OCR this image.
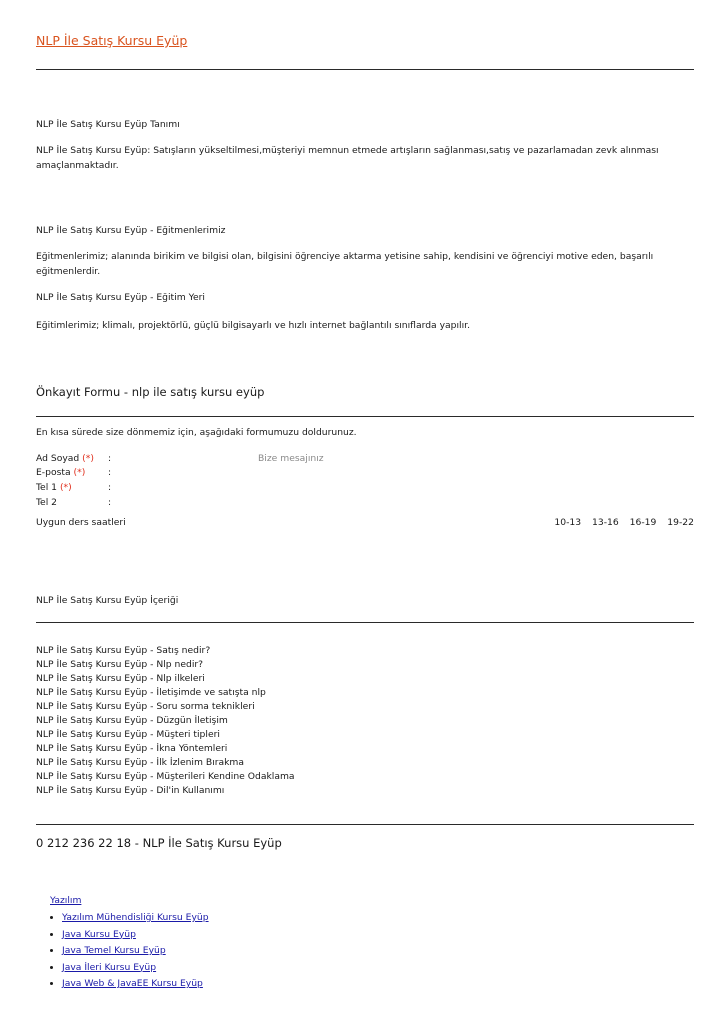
NLP İle Satış Kursu Eyüp
NLP İle Satış Kursu Eyüp Tanımı
NLP İle Satış Kursu Eyüp: Satışların yükseltilmesi,müşteriyi memnun etmede artışların sağlanması,satış ve pazarlamadan zevk alınması amaçlanmaktadır.
NLP İle Satış Kursu Eyüp - Eğitmenlerimiz
Eğitmenlerimiz; alanında birikim ve bilgisi olan, bilgisini öğrenciye aktarma yetisine sahip, kendisini ve öğrenciyi motive eden, başarılı eğitmenlerdir.
NLP İle Satış Kursu Eyüp - Eğitim Yeri
Eğitimlerimiz; klimalı, projektörlü, güçlü bilgisayarlı ve hızlı internet bağlantılı sınıflarda yapılır.
Önkayıt Formu - nlp ile satış kursu eyüp
En kısa sürede size dönmemiz için, aşağıdaki formumuzu doldurunuz.
Ad Soyad (*) :
E-posta (*) :
Tel 1 (*)	:
Tel 2	:
Bize mesajınız
Uygun ders saatleri	10-13 13-16 16-19 19-22
NLP İle Satış Kursu Eyüp İçeriği
NLP İle Satış Kursu Eyüp - Satış nedir?
NLP İle Satış Kursu Eyüp - Nlp nedir?
NLP İle Satış Kursu Eyüp - Nlp ilkeleri
NLP İle Satış Kursu Eyüp - İletişimde ve satışta nlp
NLP İle Satış Kursu Eyüp - Soru sorma teknikleri
NLP İle Satış Kursu Eyüp - Düzgün İletişim
NLP İle Satış Kursu Eyüp - Müşteri tipleri
NLP İle Satış Kursu Eyüp - İkna Yöntemleri
NLP İle Satış Kursu Eyüp - İlk İzlenim Bırakma
NLP İle Satış Kursu Eyüp - Müşterileri Kendine Odaklama
NLP İle Satış Kursu Eyüp - Dil'in Kullanımı
0 212 236 22 18 - NLP İle Satış Kursu Eyüp
Yazılım
• Yazılım Mühendisliği Kursu Eyüp
• Java Kursu Eyüp
• Java Temel Kursu Eyüp
• Java İleri Kursu Eyüp
• Java Web & JavaEE Kursu Eyüp
